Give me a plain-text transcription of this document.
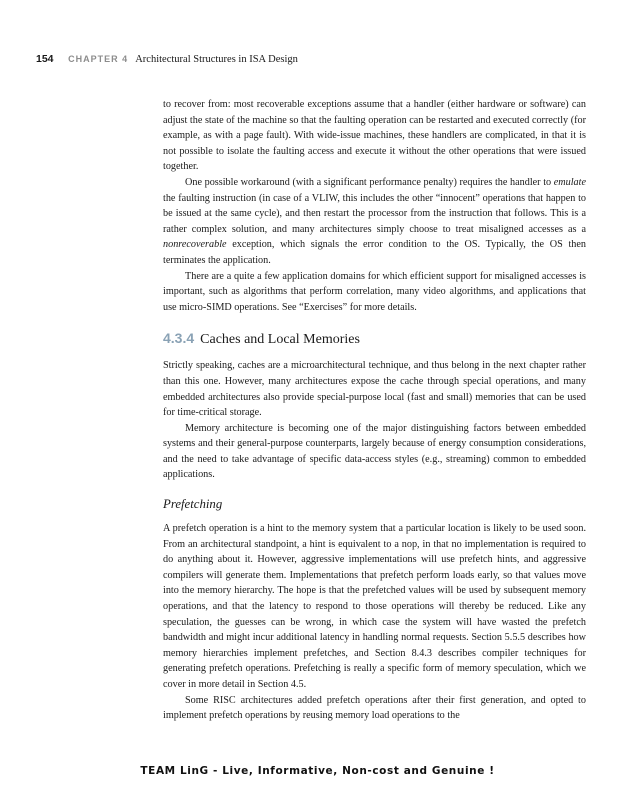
154 CHAPTER 4 Architectural Structures in ISA Design

to recover from: most recoverable exceptions assume that a handler (either hardware or software) can adjust the state of the machine so that the faulting operation can be restarted and executed correctly (for example, as with a page fault). With wide-issue machines, these handlers are complicated, in that it is not possible to isolate the faulting access and execute it without the other operations that were issued together.

One possible workaround (with a significant performance penalty) requires the handler to emulate the faulting instruction (in case of a VLIW, this includes the other “innocent” operations that happen to be issued at the same cycle), and then restart the processor from the instruction that follows. This is a rather complex solution, and many architectures simply choose to treat misaligned accesses as a nonrecoverable exception, which signals the error condition to the OS. Typically, the OS then terminates the application.

There are a quite a few application domains for which efficient support for misaligned accesses is important, such as algorithms that perform correlation, many video algorithms, and applications that use micro-SIMD operations. See “Exercises” for more details.

4.3.4 Caches and Local Memories

Strictly speaking, caches are a microarchitectural technique, and thus belong in the next chapter rather than this one. However, many architectures expose the cache through special operations, and many embedded architectures also provide special-purpose local (fast and small) memories that can be used for time-critical storage.

Memory architecture is becoming one of the major distinguishing factors between embedded systems and their general-purpose counterparts, largely because of energy consumption considerations, and the need to take advantage of specific data-access styles (e.g., streaming) common to embedded applications.

Prefetching

A prefetch operation is a hint to the memory system that a particular location is likely to be used soon. From an architectural standpoint, a hint is equivalent to a nop, in that no implementation is required to do anything about it. However, aggressive implementations will use prefetch hints, and aggressive compilers will generate them. Implementations that prefetch perform loads early, so that values move into the memory hierarchy. The hope is that the prefetched values will be used by subsequent memory operations, and that the latency to respond to those operations will thereby be reduced. Like any speculation, the guesses can be wrong, in which case the system will have wasted the prefetch bandwidth and might incur additional latency in handling normal requests. Section 5.5.5 describes how memory hierarchies implement prefetches, and Section 8.4.3 describes compiler techniques for generating prefetch operations. Prefetching is really a specific form of memory speculation, which we cover in more detail in Section 4.5.

Some RISC architectures added prefetch operations after their first generation, and opted to implement prefetch operations by reusing memory load operations to the

TEAM LinG - Live, Informative, Non-cost and Genuine !
